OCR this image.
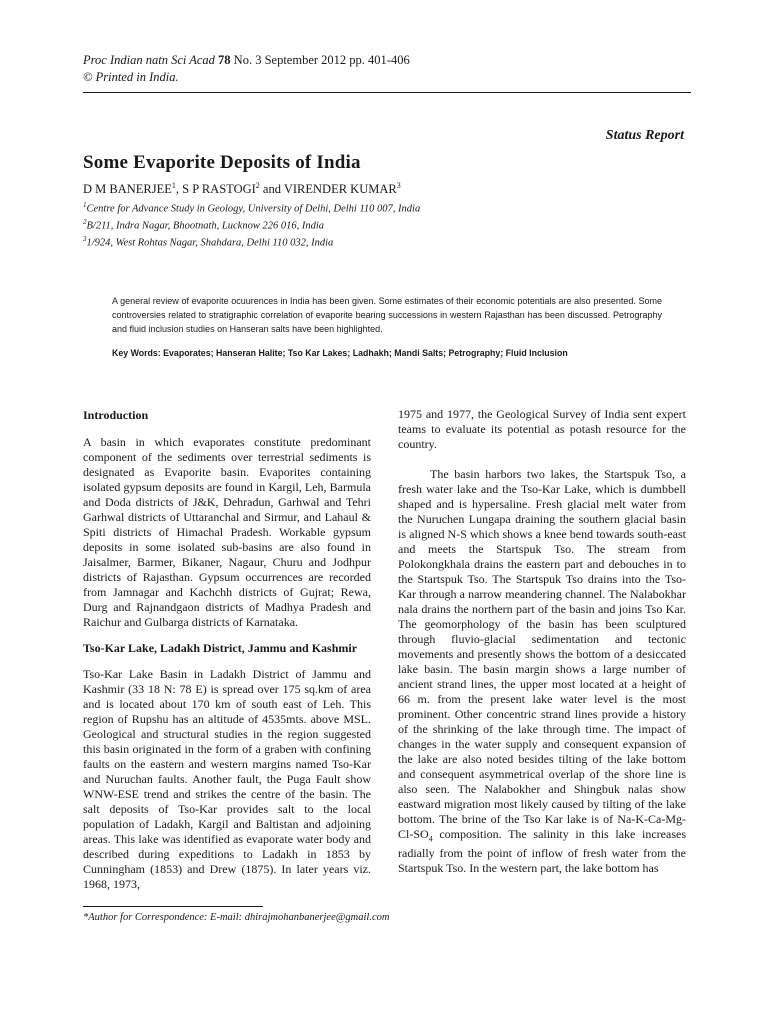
Proc Indian natn Sci Acad 78 No. 3 September 2012 pp. 401-406
© Printed in India.
Status Report
Some Evaporite Deposits of India
D M BANERJEE$^1$, S P RASTOGI$^2$ and VIRENDER KUMAR$^3$
$^1$Centre for Advance Study in Geology, University of Delhi, Delhi 110 007, India
$^2$B/211, Indra Nagar, Bhootnath, Lucknow 226 016, India
$^3$1/924, West Rohtas Nagar, Shahdara, Delhi 110 032, India
A general review of evaporite ocuurences in India has been given. Some estimates of their economic potentials are also presented. Some controversies related to stratigraphic correlation of evaporite bearing successions in western Rajasthan has been discussed. Petrography and fluid inclusion studies on Hanseran salts have been highlighted.
Key Words: Evaporates; Hanseran Halite; Tso Kar Lakes; Ladhakh; Mandi Salts; Petrography; Fluid Inclusion
Introduction
A basin in which evaporates constitute predominant component of the sediments over terrestrial sediments is designated as Evaporite basin. Evaporites containing isolated gypsum deposits are found in Kargil, Leh, Barmula and Doda districts of J&K, Dehradun, Garhwal and Tehri Garhwal districts of Uttaranchal and Sirmur, and Lahaul & Spiti districts of Himachal Pradesh. Workable gypsum deposits in some isolated sub-basins are also found in Jaisalmer, Barmer, Bikaner, Nagaur, Churu and Jodhpur districts of Rajasthan. Gypsum occurrences are recorded from Jamnagar and Kachchh districts of Gujrat; Rewa, Durg and Rajnandgaon districts of Madhya Pradesh and Raichur and Gulbarga districts of Karnataka.
Tso-Kar Lake, Ladakh District, Jammu and Kashmir
Tso-Kar Lake Basin in Ladakh District of Jammu and Kashmir (33 18 N: 78 E) is spread over 175 sq.km of area and is located about 170 km of south east of Leh. This region of Rupshu has an altitude of 4535mts. above MSL. Geological and structural studies in the region suggested this basin originated in the form of a graben with confining faults on the eastern and western margins named Tso-Kar and Nuruchan faults. Another fault, the Puga Fault show WNW-ESE trend and strikes the centre of the basin. The salt deposits of Tso-Kar provides salt to the local population of Ladakh, Kargil and Baltistan and adjoining areas. This lake was identified as evaporate water body and described during expeditions to Ladakh in 1853 by Cunningham (1853) and Drew (1875). In later years viz. 1968, 1973,
1975 and 1977, the Geological Survey of India sent expert teams to evaluate its potential as potash resource for the country.
The basin harbors two lakes, the Startspuk Tso, a fresh water lake and the Tso-Kar Lake, which is dumbbell shaped and is hypersaline. Fresh glacial melt water from the Nuruchen Lungapa draining the southern glacial basin is aligned N-S which shows a knee bend towards south-east and meets the Startspuk Tso. The stream from Polokongkhala drains the eastern part and debouches in to the Startspuk Tso. The Startspuk Tso drains into the Tso-Kar through a narrow meandering channel. The Nalabokhar nala drains the northern part of the basin and joins Tso Kar. The geomorphology of the basin has been sculptured through fluvio-glacial sedimentation and tectonic movements and presently shows the bottom of a desiccated lake basin. The basin margin shows a large number of ancient strand lines, the upper most located at a height of 66 m. from the present lake water level is the most prominent. Other concentric strand lines provide a history of the shrinking of the lake through time. The impact of changes in the water supply and consequent expansion of the lake are also noted besides tilting of the lake bottom and consequent asymmetrical overlap of the shore line is also seen. The Nalabokher and Shingbuk nalas show eastward migration most likely caused by tilting of the lake bottom. The brine of the Tso Kar lake is of $Na-K-Ca-Mg-Cl-SO_4$ composition. The salinity in this lake increases radially from the point of inflow of fresh water from the Startspuk Tso. In the western part, the lake bottom has
*Author for Correspondence: E-mail: dhirajmohanbanerjee@gmail.com
